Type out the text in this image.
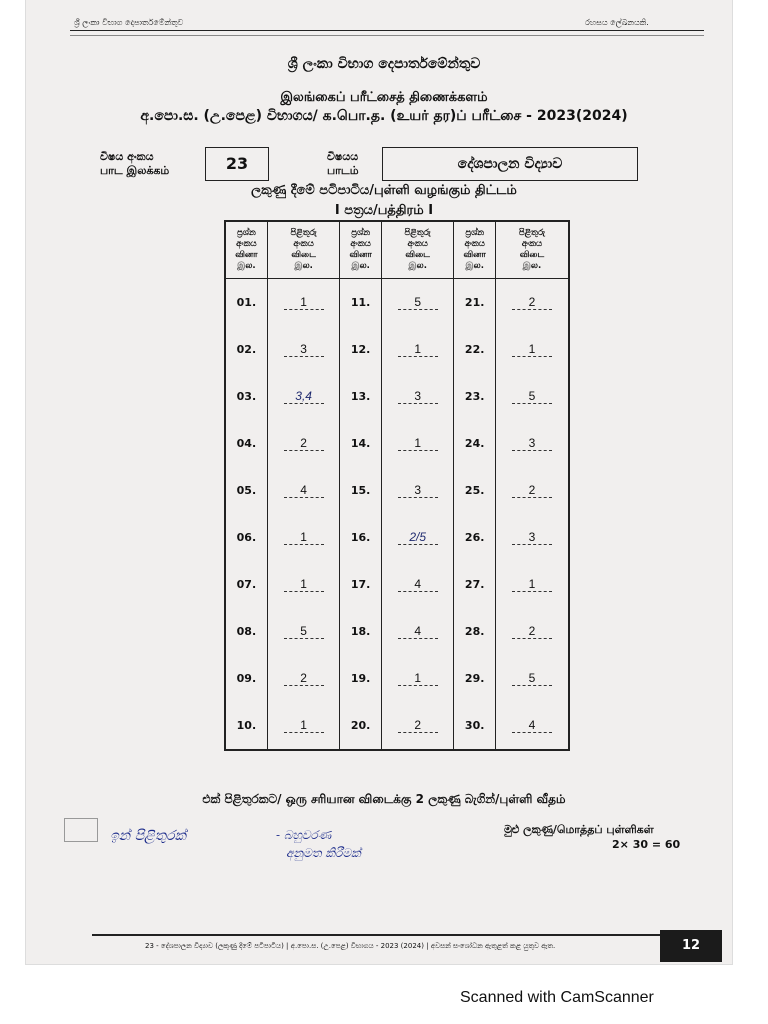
ශ්‍රී ලංකා විභාග දෙපාර්තමේන්තුව	රහසය ලේඛනයකි.
ශ්‍රී ලංකා විභාග දෙපාර්තමේන්තුව
இலங்கைப் பரீட்சைத் திணைக்களம்
අ.පො.ස. (උ.පෙළ) විභාගය/ க.பொ.த. (உயர் தர)ப் பரீட்சை - 2023(2024)
විෂය අංකය
பாட இலக்கம்	23	විෂයය
பாடம்	දේශපාලන විද්‍යාව
ලකුණු දීමේ පටිපාටිය/புள்ளி வழங்கும் திட்டம்
I පත්‍රය/பத்திரம் I
ප්‍රශ්න
අංකය
வினா
இல.	පිළිතුරු
අංකය
விடை
இல.	ප්‍රශ්න
අංකය
வினா
இல.	පිළිතුරු
අංකය
விடை
இல.	ප්‍රශ්න
අංකය
வினா
இல.	පිළිතුරු
අංකය
விடை
இல.
01.	1	11.	5	21.	2
02.	3	12.	1	22.	1
03.	3,4	13.	3	23.	5
04.	2	14.	1	24.	3
05.	4	15.	3	25.	2
06.	1	16.	2/5	26.	3
07.	1	17.	4	27.	1
08.	5	18.	4	28.	2
09.	2	19.	1	29.	5
10.	1	20.	2	30.	4
එක් පිළිතුරකට/ ஒரு சரியான விடைக்கு 2 ලකුණු බැගින්/புள்ளி வீதம்
මුළු ලකුණු/மொத்தப் புள்ளிகள்
2× 30 = 60
ඉන් පිළිතුරක්	- බහුවරණ
අනුමත කිරීමක්
23 - දේශපාලන විද්‍යාව (ලකුණු දීමේ පටිපාටිය) | අ.පො.ස. (උ.පෙළ) විභාගය - 2023 (2024) | අවසන් සංශෝධන ඇතුළත් කළ යුතුව ඇත.	12
Scanned with CamScanner
